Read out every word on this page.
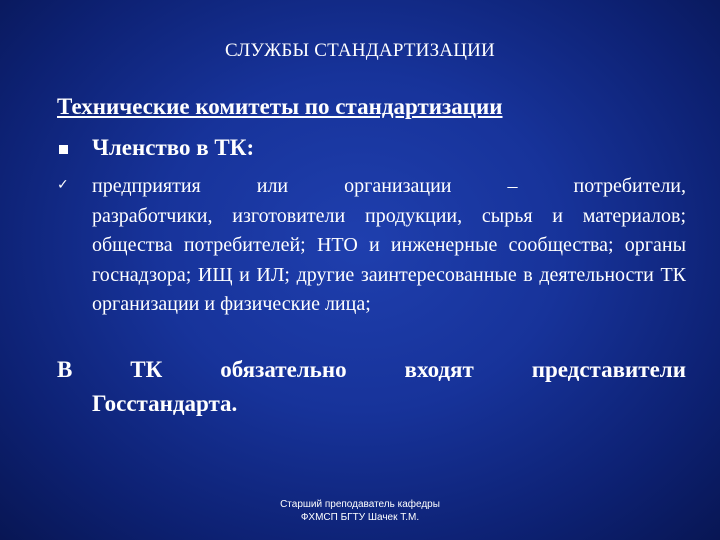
СЛУЖБЫ СТАНДАРТИЗАЦИИ
Технические комитеты по стандартизации
Членство в ТК:
✓ предприятия или организации – потребители,

разработчики, изготовители продукции, сырья и материалов; общества потребителей; НТО и инженерные сообщества; органы госнадзора; ИЩ и ИЛ; другие заинтересованные в деятельности ТК организации и физические лица;

В	ТК	обязательно	входят	представители
Госстандарта.
Старший преподаватель кафедры
ФХМСП БГТУ Шачек Т.М.
